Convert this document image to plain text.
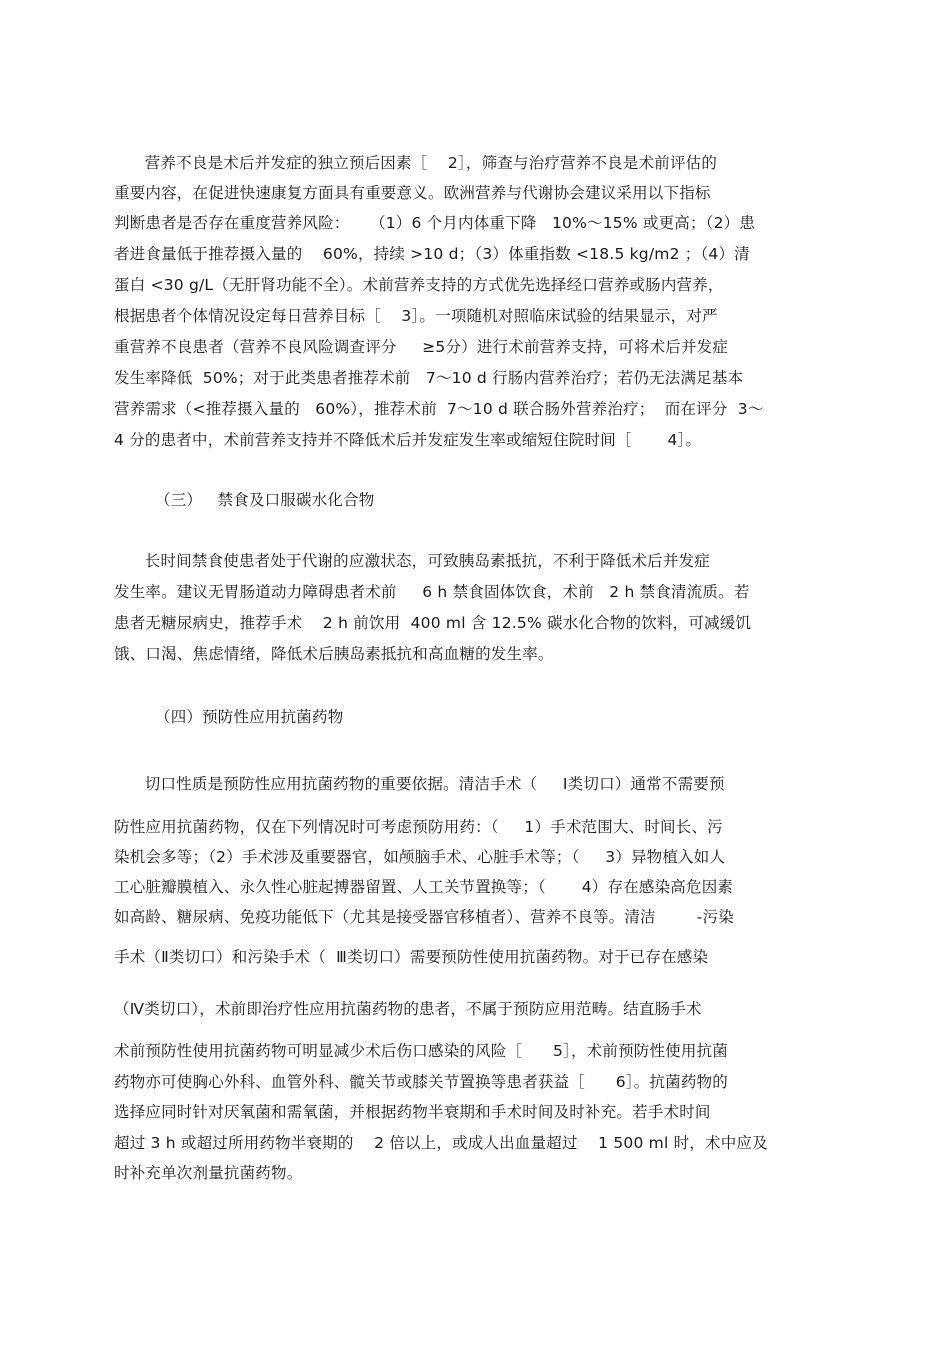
营养不良是术后并发症的独立预后因素［    2］，筛查与治疗营养不良是术前评估的

重要内容，在促进快速康复方面具有重要意义。欧洲营养与代谢协会建议采用以下指标

判断患者是否存在重度营养风险：    （1）6 个月内体重下降   10%～15% 或更高；（2）患

者进食量低于推荐摄入量的    60%，持续 >10 d；（3）体重指数 <18.5 kg/m2 ；（4）清

蛋白 <30 g/L（无肝肾功能不全）。术前营养支持的方式优先选择经口营养或肠内营养，

根据患者个体情况设定每日营养目标［    3］。一项随机对照临床试验的结果显示，对严

重营养不良患者（营养不良风险调查评分     ≥5分）进行术前营养支持，可将术后并发症

发生率降低  50%；对于此类患者推荐术前   7～10 d 行肠内营养治疗；若仍无法满足基本

营养需求（<推荐摄入量的   60%），推荐术前  7～10 d 联合肠外营养治疗；  而在评分  3～

4 分的患者中，术前营养支持并不降低术后并发症发生率或缩短住院时间［       4］。

（三）   禁食及口服碳水化合物

长时间禁食使患者处于代谢的应激状态，可致胰岛素抵抗，不利于降低术后并发症

发生率。建议无胃肠道动力障碍患者术前     6 h 禁食固体饮食，术前   2 h 禁食清流质。若

患者无糖尿病史，推荐手术    2 h 前饮用  400 ml 含 12.5% 碳水化合物的饮料，可减缓饥

饿、口渴、焦虑情绪，降低术后胰岛素抵抗和高血糖的发生率。

（四）预防性应用抗菌药物

切口性质是预防性应用抗菌药物的重要依据。清洁手术（     Ⅰ类切口）通常不需要预

防性应用抗菌药物，仅在下列情况时可考虑预防用药：（     1）手术范围大、时间长、污

染机会多等；（2）手术涉及重要器官，如颅脑手术、心脏手术等；（     3）异物植入如人

工心脏瓣膜植入、永久性心脏起搏器留置、人工关节置换等；（       4）存在感染高危因素

如高龄、糖尿病、免疫功能低下（尤其是接受器官移植者）、营养不良等。清洁        -污染

手术（Ⅱ类切口）和污染手术（  Ⅲ类切口）需要预防性使用抗菌药物。对于已存在感染

（Ⅳ类切口），术前即治疗性应用抗菌药物的患者，不属于预防应用范畴。结直肠手术

术前预防性使用抗菌药物可明显减少术后伤口感染的风险［      5］，术前预防性使用抗菌

药物亦可使胸心外科、血管外科、髋关节或膝关节置换等患者获益［      6］。抗菌药物的

选择应同时针对厌氧菌和需氧菌，并根据药物半衰期和手术时间及时补充。若手术时间

超过 3 h 或超过所用药物半衰期的    2 倍以上，或成人出血量超过    1 500 ml 时，术中应及

时补充单次剂量抗菌药物。
